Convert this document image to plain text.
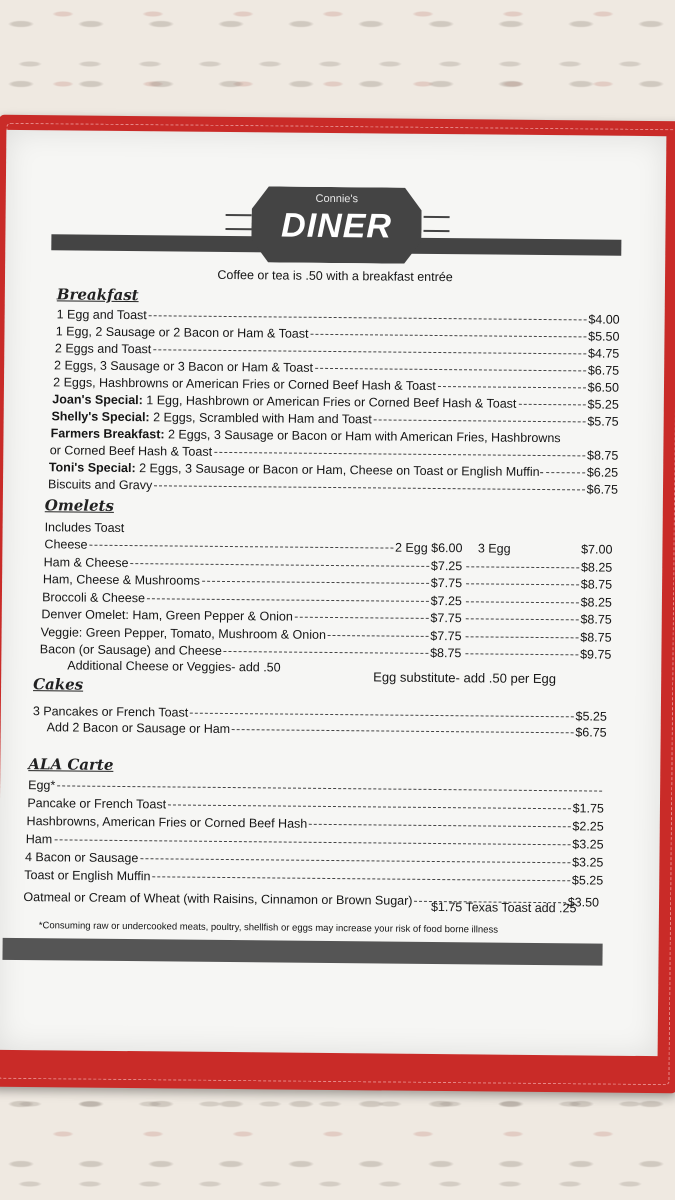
Connie's
DINER
Coffee or tea is .50 with a breakfast entrée
Breakfast
1 Egg and Toast	$4.00
1 Egg, 2 Sausage or 2 Bacon or Ham & Toast	$5.50
2 Eggs and Toast	$4.75
2 Eggs, 3 Sausage or 3 Bacon or Ham & Toast	$6.75
2 Eggs, Hashbrowns or American Fries or Corned Beef Hash & Toast	$6.50
Joan's Special: 1 Egg, Hashbrown or American Fries or Corned Beef Hash & Toast	$5.25
Shelly's Special: 2 Eggs, Scrambled with Ham and Toast	$5.75
Farmers Breakfast: 2 Eggs, 3 Sausage or Bacon or Ham with American Fries, Hashbrowns
or Corned Beef Hash & Toast	$8.75
Toni's Special: 2 Eggs, 3 Sausage or Bacon or Ham, Cheese on Toast or English Muffin-	$6.25
Biscuits and Gravy	$6.75
Omelets
Includes Toast
Cheese	2 Egg $6.00 3 Egg	$7.00
Ham & Cheese	$7.25	$8.25
Ham, Cheese & Mushrooms	$7.75	$8.75
Broccoli & Cheese	$7.25	$8.25
Denver Omelet: Ham, Green Pepper & Onion	$7.75	$8.75
Veggie: Green Pepper, Tomato, Mushroom & Onion	$7.75	$8.75
Bacon (or Sausage) and Cheese	$8.75	$9.75
Additional Cheese or Veggies- add .50
Egg substitute- add .50 per Egg
Cakes
3 Pancakes or French Toast	$5.25
Add 2 Bacon or Sausage or Ham	$6.75
ALA Carte
Egg*
Pancake or French Toast	$1.75
Hashbrowns, American Fries or Corned Beef Hash	$2.25
Ham	$3.25
4 Bacon or Sausage	$3.25
Toast or English Muffin	$5.25
Oatmeal or Cream of Wheat (with Raisins, Cinnamon or Brown Sugar)	$3.50
$1.75 Texas Toast add .25
*Consuming raw or undercooked meats, poultry, shellfish or eggs may increase your risk of food borne illness
